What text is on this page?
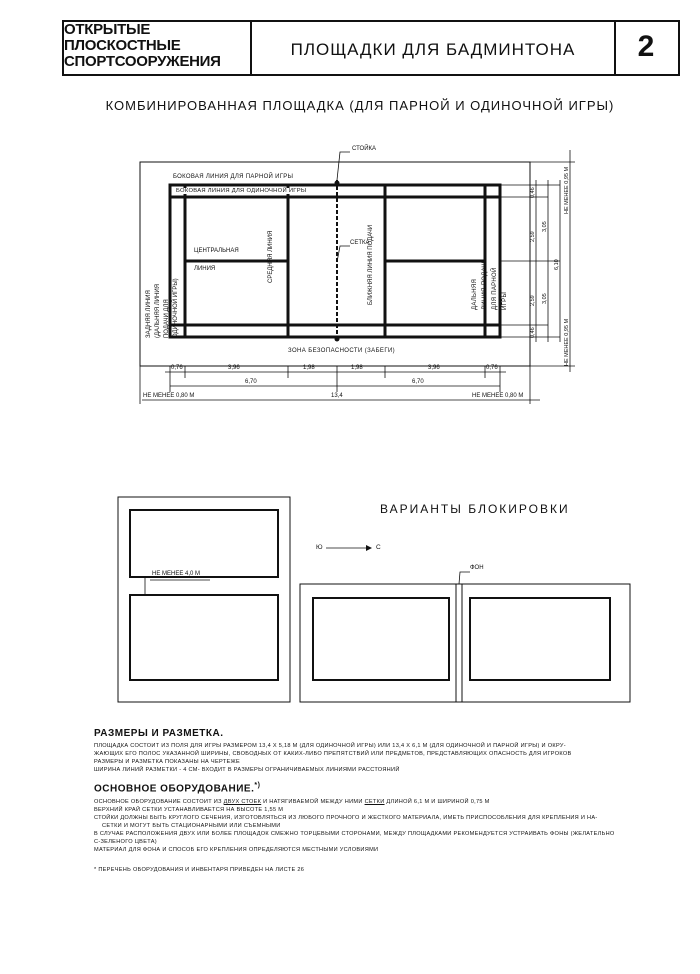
ОТКРЫТЫЕ
ПЛОСКОСТНЫЕ
СПОРТСООРУЖЕНИЯ
ПЛОЩАДКИ ДЛЯ БАДМИНТОНА	2
КОМБИНИРОВАННАЯ ПЛОЩАДКА (ДЛЯ ПАРНОЙ И ОДИНОЧНОЙ ИГРЫ)
СТОЙКА
БОКОВАЯ ЛИНИЯ ДЛЯ ПАРНОЙ ИГРЫ
БОКОВАЯ ЛИНИЯ ДЛЯ ОДИНОЧНОЙ ИГРЫ
ЦЕНТРАЛЬНАЯ
ЛИНИЯ
СЕТКА
СРЕДНЯЯ ЛИНИЯ	БЛИЖНЯЯ ЛИНИЯ ПОДАЧИ	ДАЛЬНЯЯ ЛИНИЯ ПОДАЧИ ДЛЯ ПАРНОЙ ИГРЫ
ЗАДНЯЯ ЛИНИЯ (ДАЛЬНЯЯ ЛИНИЯ ПОДАЧИ ДЛЯ ОДИНОЧНОЙ ИГРЫ)
ЗОНА БЕЗОПАСНОСТИ (ЗАБЕГИ)
0,76	3,96	1,98	1,98	3,96	0,76
6,70	6,70
13,4
НЕ МЕНЕЕ 0,80 М	НЕ МЕНЕЕ 0,80 М
0,46
2,59
2,59
0,46
3,05
3,05
6,10
НЕ МЕНЕЕ 0,95 М
НЕ МЕНЕЕ 0,95 М
ВАРИАНТЫ БЛОКИРОВКИ
НЕ МЕНЕЕ 4,0 М
Ю	С
ФОН
РАЗМЕРЫ И РАЗМЕТКА.
ПЛОЩАДКА СОСТОИТ ИЗ ПОЛЯ ДЛЯ ИГРЫ РАЗМЕРОМ 13,4 Х 5,18 М (ДЛЯ ОДИНОЧНОЙ ИГРЫ) ИЛИ 13,4 Х 6,1 М (ДЛЯ ОДИНОЧНОЙ И ПАРНОЙ ИГРЫ) И ОКРУ-
ЖАЮЩИХ ЕГО ПОЛОС УКАЗАННОЙ ШИРИНЫ, СВОБОДНЫХ ОТ КАКИХ-ЛИБО ПРЕПЯТСТВИЙ ИЛИ ПРЕДМЕТОВ, ПРЕДСТАВЛЯЮЩИХ ОПАСНОСТЬ ДЛЯ ИГРОКОВ
РАЗМЕРЫ И РАЗМЕТКА ПОКАЗАНЫ НА ЧЕРТЕЖЕ
ШИРИНА ЛИНИЙ РАЗМЕТКИ - 4 СМ- ВХОДИТ В РАЗМЕРЫ ОГРАНИЧИВАЕМЫХ ЛИНИЯМИ РАССТОЯНИЙ
ОСНОВНОЕ ОБОРУДОВАНИЕ.*)
ОСНОВНОЕ ОБОРУДОВАНИЕ СОСТОИТ ИЗ ДВУХ СТОЕК И НАТЯГИВАЕМОЙ МЕЖДУ НИМИ СЕТКИ ДЛИНОЙ 6,1 М И ШИРИНОЙ 0,75 М
ВЕРХНИЙ КРАЙ СЕТКИ УСТАНАВЛИВАЕТСЯ НА ВЫСОТЕ 1,55 М
СТОЙКИ ДОЛЖНЫ БЫТЬ КРУГЛОГО СЕЧЕНИЯ, ИЗГОТОВЛЯТЬСЯ ИЗ ЛЮБОГО ПРОЧНОГО И ЖЕСТКОГО МАТЕРИАЛА, ИМЕТЬ ПРИСПОСОБЛЕНИЯ ДЛЯ КРЕПЛЕНИЯ И НА-
СЕТКИ И МОГУТ БЫТЬ СТАЦИОНАРНЫМИ ИЛИ СЪЕМНЫМИ
В СЛУЧАЕ РАСПОЛОЖЕНИЯ ДВУХ ИЛИ БОЛЕЕ ПЛОЩАДОК СМЕЖНО ТОРЦЕВЫМИ СТОРОНАМИ, МЕЖДУ ПЛОЩАДКАМИ РЕКОМЕНДУЕТСЯ УСТРАИВАТЬ ФОНЫ (ЖЕЛАТЕЛЬНО
С-ЗЕЛЕНОГО ЦВЕТА)
МАТЕРИАЛ ДЛЯ ФОНА И СПОСОБ ЕГО КРЕПЛЕНИЯ ОПРЕДЕЛЯЮТСЯ МЕСТНЫМИ УСЛОВИЯМИ
* ПЕРЕЧЕНЬ ОБОРУДОВАНИЯ И ИНВЕНТАРЯ ПРИВЕДЕН НА ЛИСТЕ 26
